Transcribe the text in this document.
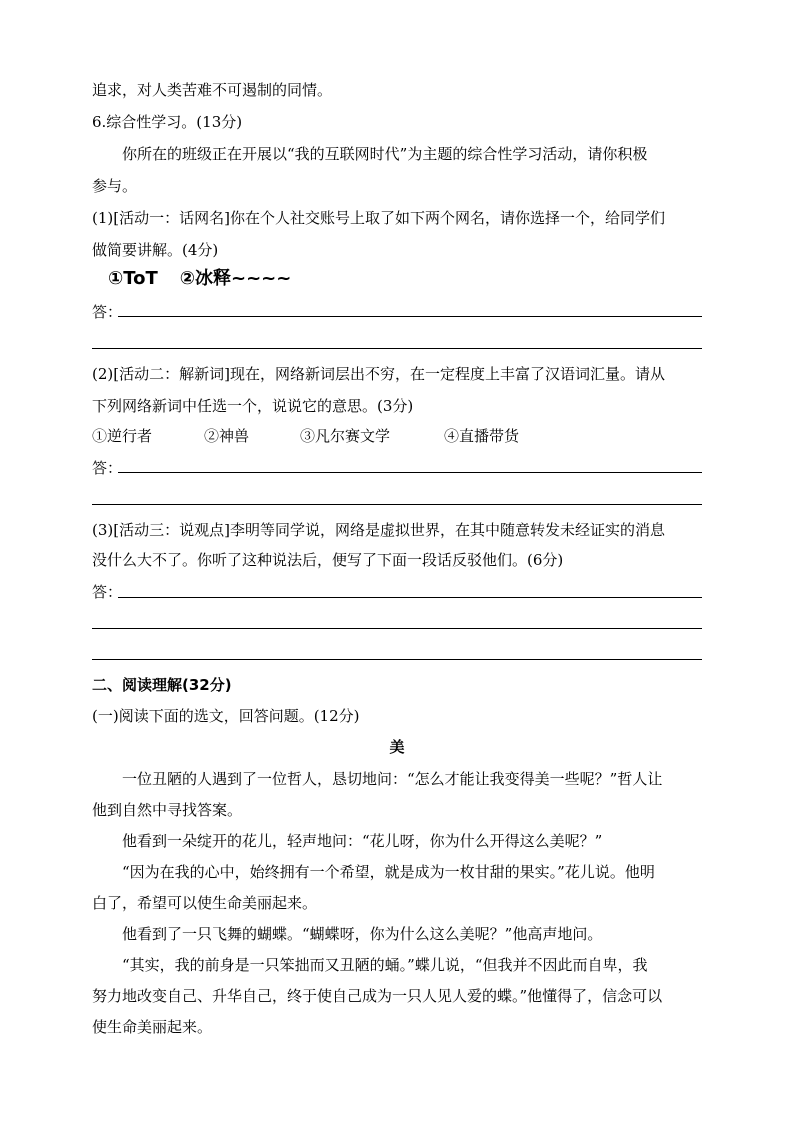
追求，对人类苦难不可遏制的同情。
6.综合性学习。(13分)
你所在的班级正在开展以“我的互联网时代”为主题的综合性学习活动，请你积极
参与。
(1)[活动一：话网名]你在个人社交账号上取了如下两个网名，请你选择一个，给同学们
做简要讲解。(4分)
①ToT ②冰释~~~~
答：
(2)[活动二：解新词]现在，网络新词层出不穷，在一定程度上丰富了汉语词汇量。请从
下列网络新词中任选一个，说说它的意思。(3分)
①逆行者	②神兽	③凡尔赛文学	④直播带货
答：
(3)[活动三：说观点]李明等同学说，网络是虚拟世界，在其中随意转发未经证实的消息
没什么大不了。你听了这种说法后，便写了下面一段话反驳他们。(6分)
答：
二、阅读理解(32分)
(一)阅读下面的选文，回答问题。(12分)
美
一位丑陋的人遇到了一位哲人，恳切地问：“怎么才能让我变得美一些呢？”哲人让
他到自然中寻找答案。
他看到一朵绽开的花儿，轻声地问：“花儿呀，你为什么开得这么美呢？”
“因为在我的心中，始终拥有一个希望，就是成为一枚甘甜的果实。”花儿说。他明
白了，希望可以使生命美丽起来。
他看到了一只飞舞的蝴蝶。“蝴蝶呀，你为什么这么美呢？”他高声地问。
“其实，我的前身是一只笨拙而又丑陋的蛹。”蝶儿说，“但我并不因此而自卑，我
努力地改变自己、升华自己，终于使自己成为一只人见人爱的蝶。”他懂得了，信念可以
使生命美丽起来。
